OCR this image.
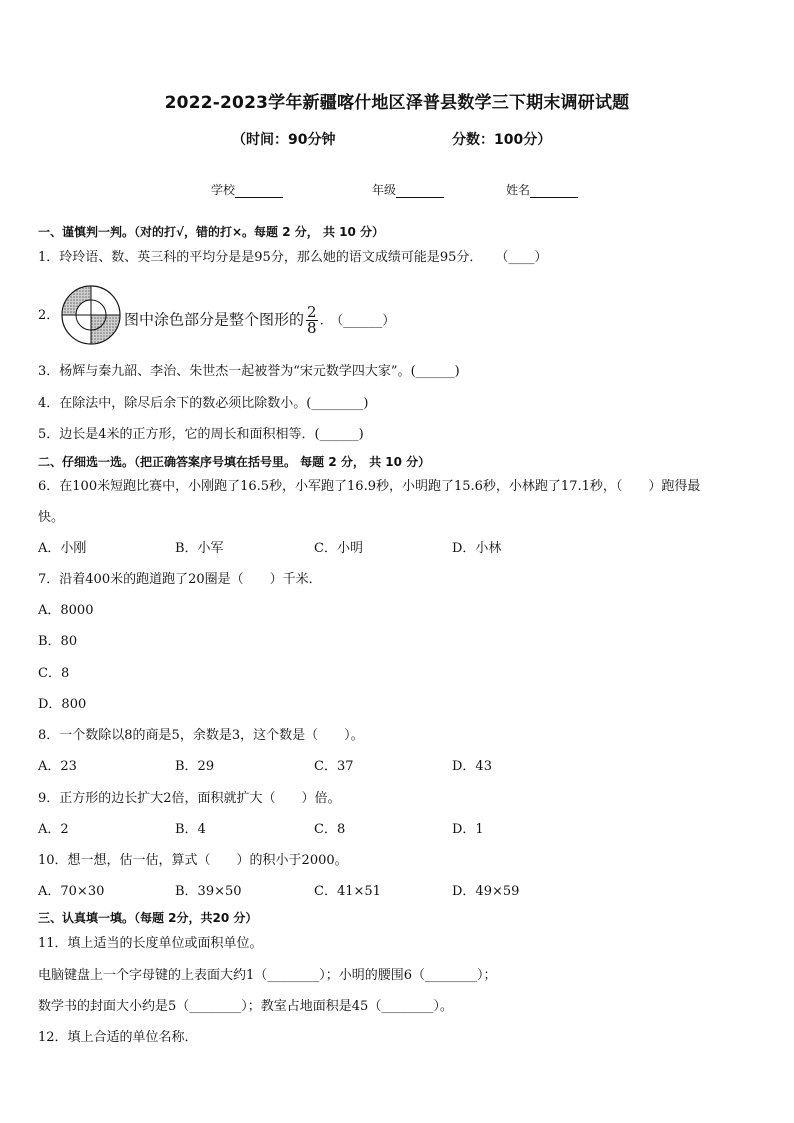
2022-2023学年新疆喀什地区泽普县数学三下期末调研试题
（时间：90分钟	分数：100分）
学校	年级	姓名
一、谨慎判一判。（对的打√，错的打×。每题 2 分， 共 10 分）
1．玲玲语、数、英三科的平均分是是95分，那么她的语文成绩可能是95分．　　（____）
2．	图中涂色部分是整个图形的 $\frac{2}{8}$ .　（______）
3．杨辉与秦九韶、李治、朱世杰一起被誉为“宋元数学四大家”。(______)
4．在除法中，除尽后余下的数必须比除数小。(________)
5．边长是4米的正方形，它的周长和面积相等．(______)
二、仔细选一选。（把正确答案序号填在括号里。 每题 2 分， 共 10 分）
6．在100米短跑比赛中，小刚跑了16.5秒，小军跑了16.9秒，小明跑了15.6秒，小林跑了17.1秒，（　　）跑得最
快。
A．小刚	B．小军	C．小明	D．小林
7．沿着400米的跑道跑了20圈是（　　）千米．
A．8000
B．80
C．8
D．800
8．一个数除以8的商是5，余数是3，这个数是（　　）。
A．23	B．29	C．37	D．43
9．正方形的边长扩大2倍，面积就扩大（　　）倍。
A．2	B．4	C．8	D．1
10．想一想，估一估，算式（　　）的积小于2000。
A．70×30	B．39×50	C．41×51	D．49×59
三、认真填一填。（每题 2分，共20 分）
11．填上适当的长度单位或面积单位。
电脑键盘上一个字母键的上表面大约1（________）；小明的腰围6（________）；
数学书的封面大小约是5（________）；教室占地面积是45（________）。
12．填上合适的单位名称．
